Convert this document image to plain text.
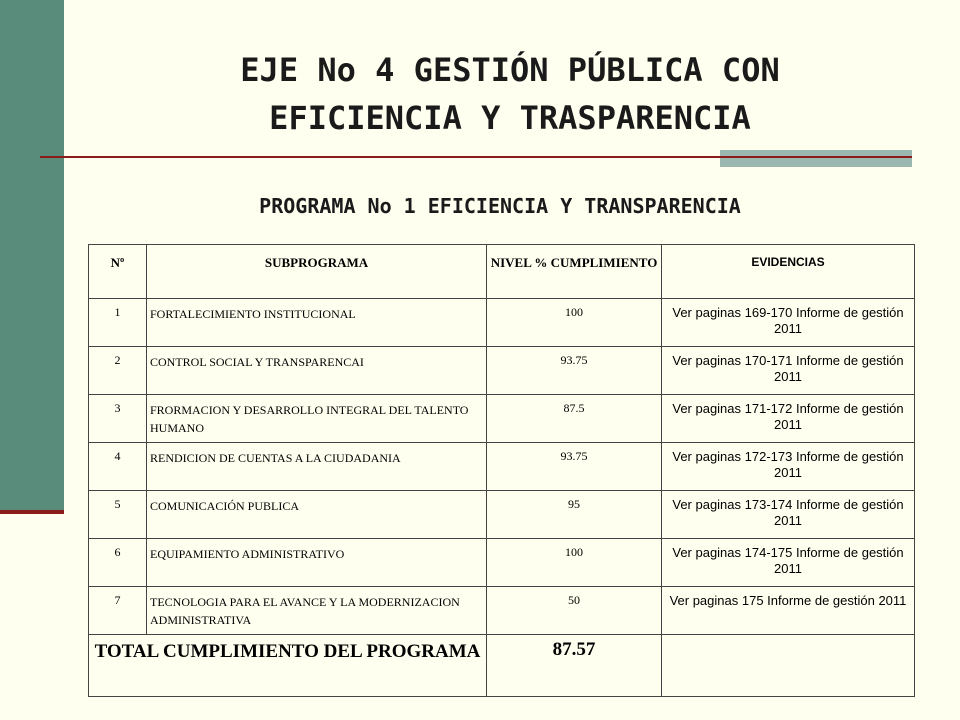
EJE No 4 GESTIÓN PÚBLICA CON
EFICIENCIA Y TRASPARENCIA
PROGRAMA No 1 EFICIENCIA Y TRANSPARENCIA
Nº	SUBPROGRAMA	NIVEL % CUMPLIMIENTO	EVIDENCIAS
1	FORTALECIMIENTO INSTITUCIONAL	100	Ver paginas 169-170 Informe de gestión 2011
2	CONTROL SOCIAL Y TRANSPARENCAI	93.75	Ver paginas 170-171 Informe de gestión 2011
3	FRORMACION Y DESARROLLO INTEGRAL DEL TALENTO HUMANO	87.5	Ver paginas 171-172 Informe de gestión 2011
4	RENDICION DE CUENTAS A LA CIUDADANIA	93.75	Ver paginas 172-173 Informe de gestión 2011
5	COMUNICACIÓN PUBLICA	95	Ver paginas 173-174 Informe de gestión 2011
6	EQUIPAMIENTO ADMINISTRATIVO	100	Ver paginas 174-175 Informe de gestión 2011
7	TECNOLOGIA PARA EL AVANCE Y LA MODERNIZACION ADMINISTRATIVA	50	Ver paginas 175 Informe de gestión 2011
TOTAL CUMPLIMIENTO DEL PROGRAMA		87.57	
